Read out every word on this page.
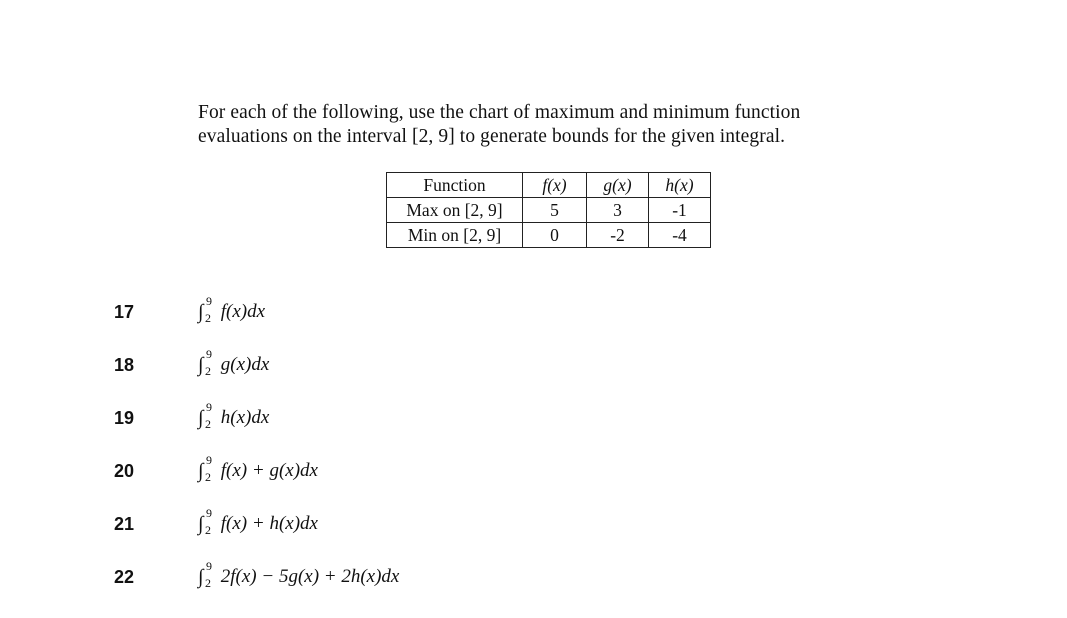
For each of the following, use the chart of maximum and minimum function
evaluations on the interval [2, 9] to generate bounds for the given integral.
Function	f(x)	g(x)	h(x)
Max on [2, 9]	5	3	-1
Min on [2, 9]	0	-2	-4
17	∫ 9
2 f(x)dx
18	∫ 9
2 g(x)dx
19	∫ 9
2 h(x)dx
20	∫ 9
2 f(x) + g(x)dx
21	∫ 9
2 f(x) + h(x)dx
22	∫ 9
2 2f(x) − 5g(x) + 2h(x)dx
